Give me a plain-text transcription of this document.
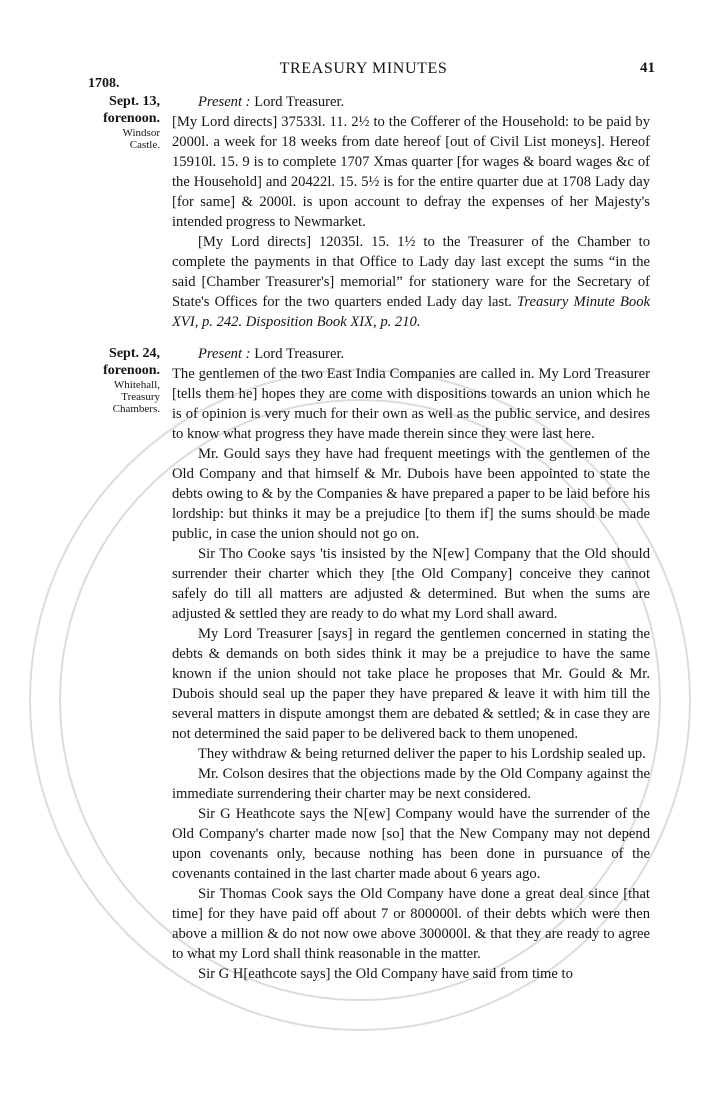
TREASURY MINUTES	41
1708.
Sept. 13,
forenoon.
Windsor
Castle.

Present : Lord Treasurer.

[My Lord directs] 37533l. 11. 2½ to the Cofferer of the Household: to be paid by 2000l. a week for 18 weeks from date hereof [out of Civil List moneys]. Hereof 15910l. 15. 9 is to complete 1707 Xmas quarter [for wages & board wages &c of the Household] and 20422l. 15. 5½ is for the entire quarter due at 1708 Lady day [for same] & 2000l. is upon account to defray the expenses of her Majesty's intended progress to Newmarket.

[My Lord directs] 12035l. 15. 1½ to the Treasurer of the Chamber to complete the payments in that Office to Lady day last except the sums “in the said [Chamber Treasurer's] memorial” for stationery ware for the Secretary of State's Offices for the two quarters ended Lady day last. Treasury Minute Book XVI, p. 242. Disposition Book XIX, p. 210.

Sept. 24,
forenoon.
Whitehall,
Treasury
Chambers.

Present : Lord Treasurer.

The gentlemen of the two East India Companies are called in. My Lord Treasurer [tells them he] hopes they are come with dispositions towards an union which he is of opinion is very much for their own as well as the public service, and desires to know what progress they have made therein since they were last here.

Mr. Gould says they have had frequent meetings with the gentlemen of the Old Company and that himself & Mr. Dubois have been appointed to state the debts owing to & by the Companies & have prepared a paper to be laid before his lordship: but thinks it may be a prejudice [to them if] the sums should be made public, in case the union should not go on.

Sir Tho Cooke says 'tis insisted by the N[ew] Company that the Old should surrender their charter which they [the Old Company] conceive they cannot safely do till all matters are adjusted & determined. But when the sums are adjusted & settled they are ready to do what my Lord shall award.

My Lord Treasurer [says] in regard the gentlemen concerned in stating the debts & demands on both sides think it may be a prejudice to have the same known if the union should not take place he proposes that Mr. Gould & Mr. Dubois should seal up the paper they have prepared & leave it with him till the several matters in dispute amongst them are debated & settled; & in case they are not determined the said paper to be delivered back to them unopened.

They withdraw & being returned deliver the paper to his Lordship sealed up.

Mr. Colson desires that the objections made by the Old Company against the immediate surrendering their charter may be next considered.

Sir G Heathcote says the N[ew] Company would have the surrender of the Old Company's charter made now [so] that the New Company may not depend upon covenants only, because nothing has been done in pursuance of the covenants contained in the last charter made about 6 years ago.

Sir Thomas Cook says the Old Company have done a great deal since [that time] for they have paid off about 7 or 800000l. of their debts which were then above a million & do not now owe above 300000l. & that they are ready to agree to what my Lord shall think reasonable in the matter.

Sir G H[eathcote says] the Old Company have said from time to
